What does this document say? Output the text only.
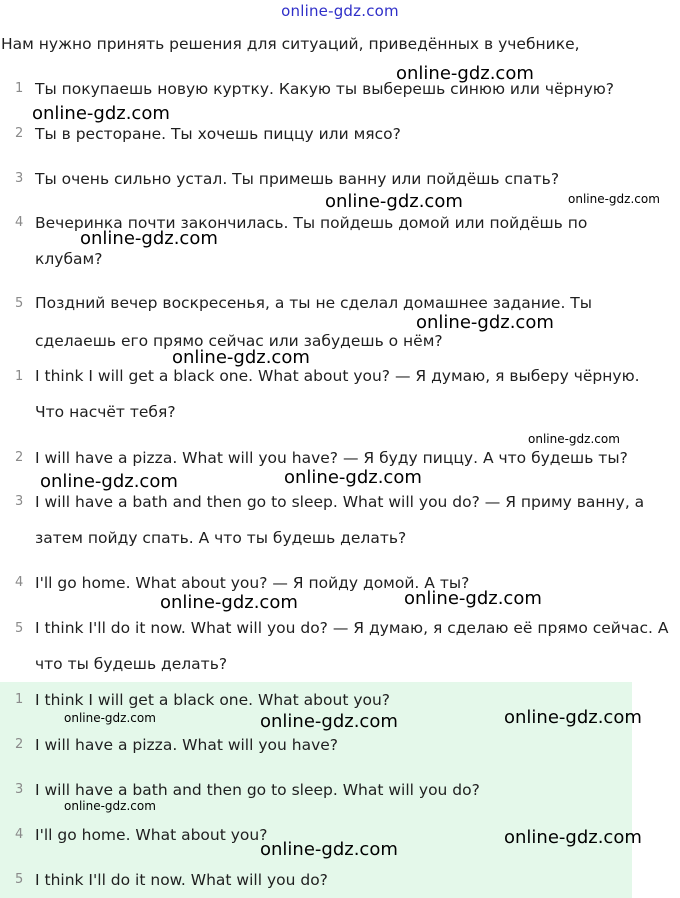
online-gdz.com
Нам нужно принять решения для ситуаций, приведённых в учебнике,
1 Ты покупаешь новую куртку. Какую ты выберешь синюю или чёрную?
2 Ты в ресторане. Ты хочешь пиццу или мясо?
3 Ты очень сильно устал. Ты примешь ванну или пойдёшь спать?
4 Вечеринка почти закончилась. Ты пойдешь домой или пойдёшь по клубам?
5 Поздний вечер воскресенья, а ты не сделал домашнее задание. Ты сделаешь его прямо сейчас или забудешь о нём?
1 I think I will get a black one. What about you? — Я думаю, я выберу чёрную. Что насчёт тебя?
2 I will have a pizza. What will you have? — Я буду пиццу. А что будешь ты?
3 I will have a bath and then go to sleep. What will you do? — Я приму ванну, а затем пойду спать. А что ты будешь делать?
4 I'll go home. What about you? — Я пойду домой. А ты?
5 I think I'll do it now. What will you do? — Я думаю, я сделаю её прямо сейчас. А что ты будешь делать?
1 I think I will get a black one. What about you?
2 I will have a pizza. What will you have?
3 I will have a bath and then go to sleep. What will you do?
4 I'll go home. What about you?
5 I think I'll do it now. What will you do?
online-gdz.com
online-gdz.com
online-gdz.com
online-gdz.com
online-gdz.com
online-gdz.com
online-gdz.com
online-gdz.com
online-gdz.com
online-gdz.com
online-gdz.com
online-gdz.com
online-gdz.com
online-gdz.com	online-gdz.com
online-gdz.com
online-gdz.com
online-gdz.com
